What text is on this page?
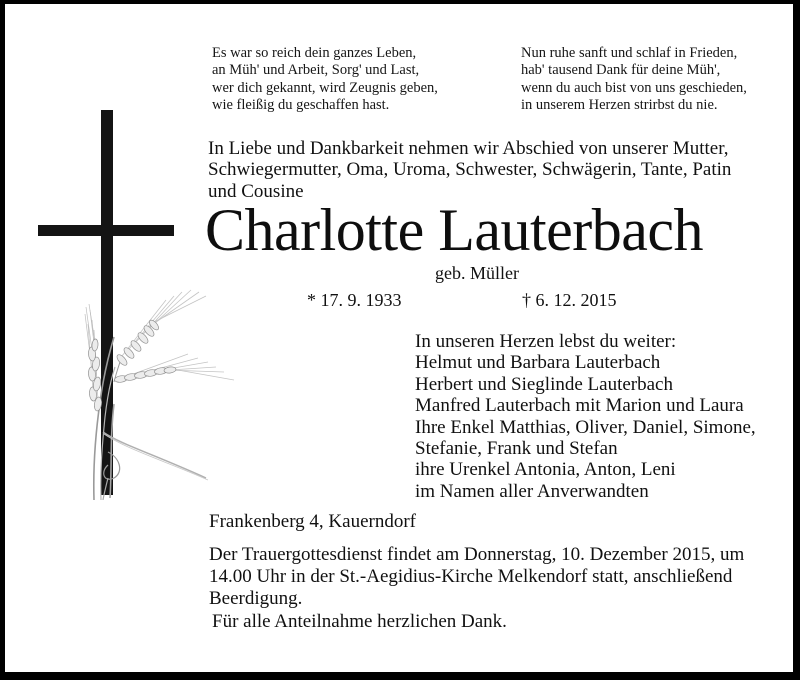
Es war so reich dein ganzes Leben,
an Müh' und Arbeit, Sorg' und Last,
wer dich gekannt, wird Zeugnis geben,
wie fleißig du geschaffen hast.
Nun ruhe sanft und schlaf in Frieden,
hab' tausend Dank für deine Müh',
wenn du auch bist von uns geschieden,
in unserem Herzen strirbst du nie.
In Liebe und Dankbarkeit nehmen wir Abschied von unserer Mutter,
Schwiegermutter, Oma, Uroma, Schwester, Schwägerin, Tante, Patin
und Cousine
Charlotte Lauterbach
geb. Müller
* 17. 9. 1933	† 6. 12. 2015
In unseren Herzen lebst du weiter:
Helmut und Barbara Lauterbach
Herbert und Sieglinde Lauterbach
Manfred Lauterbach mit Marion und Laura
Ihre Enkel Matthias, Oliver, Daniel, Simone,
Stefanie, Frank und Stefan
ihre Urenkel Antonia, Anton, Leni
im Namen aller Anverwandten
Frankenberg 4, Kauerndorf
Der Trauergottesdienst findet am Donnerstag, 10. Dezember 2015, um
14.00 Uhr in der St.-Aegidius-Kirche Melkendorf statt, anschließend
Beerdigung.
Für alle Anteilnahme herzlichen Dank.
